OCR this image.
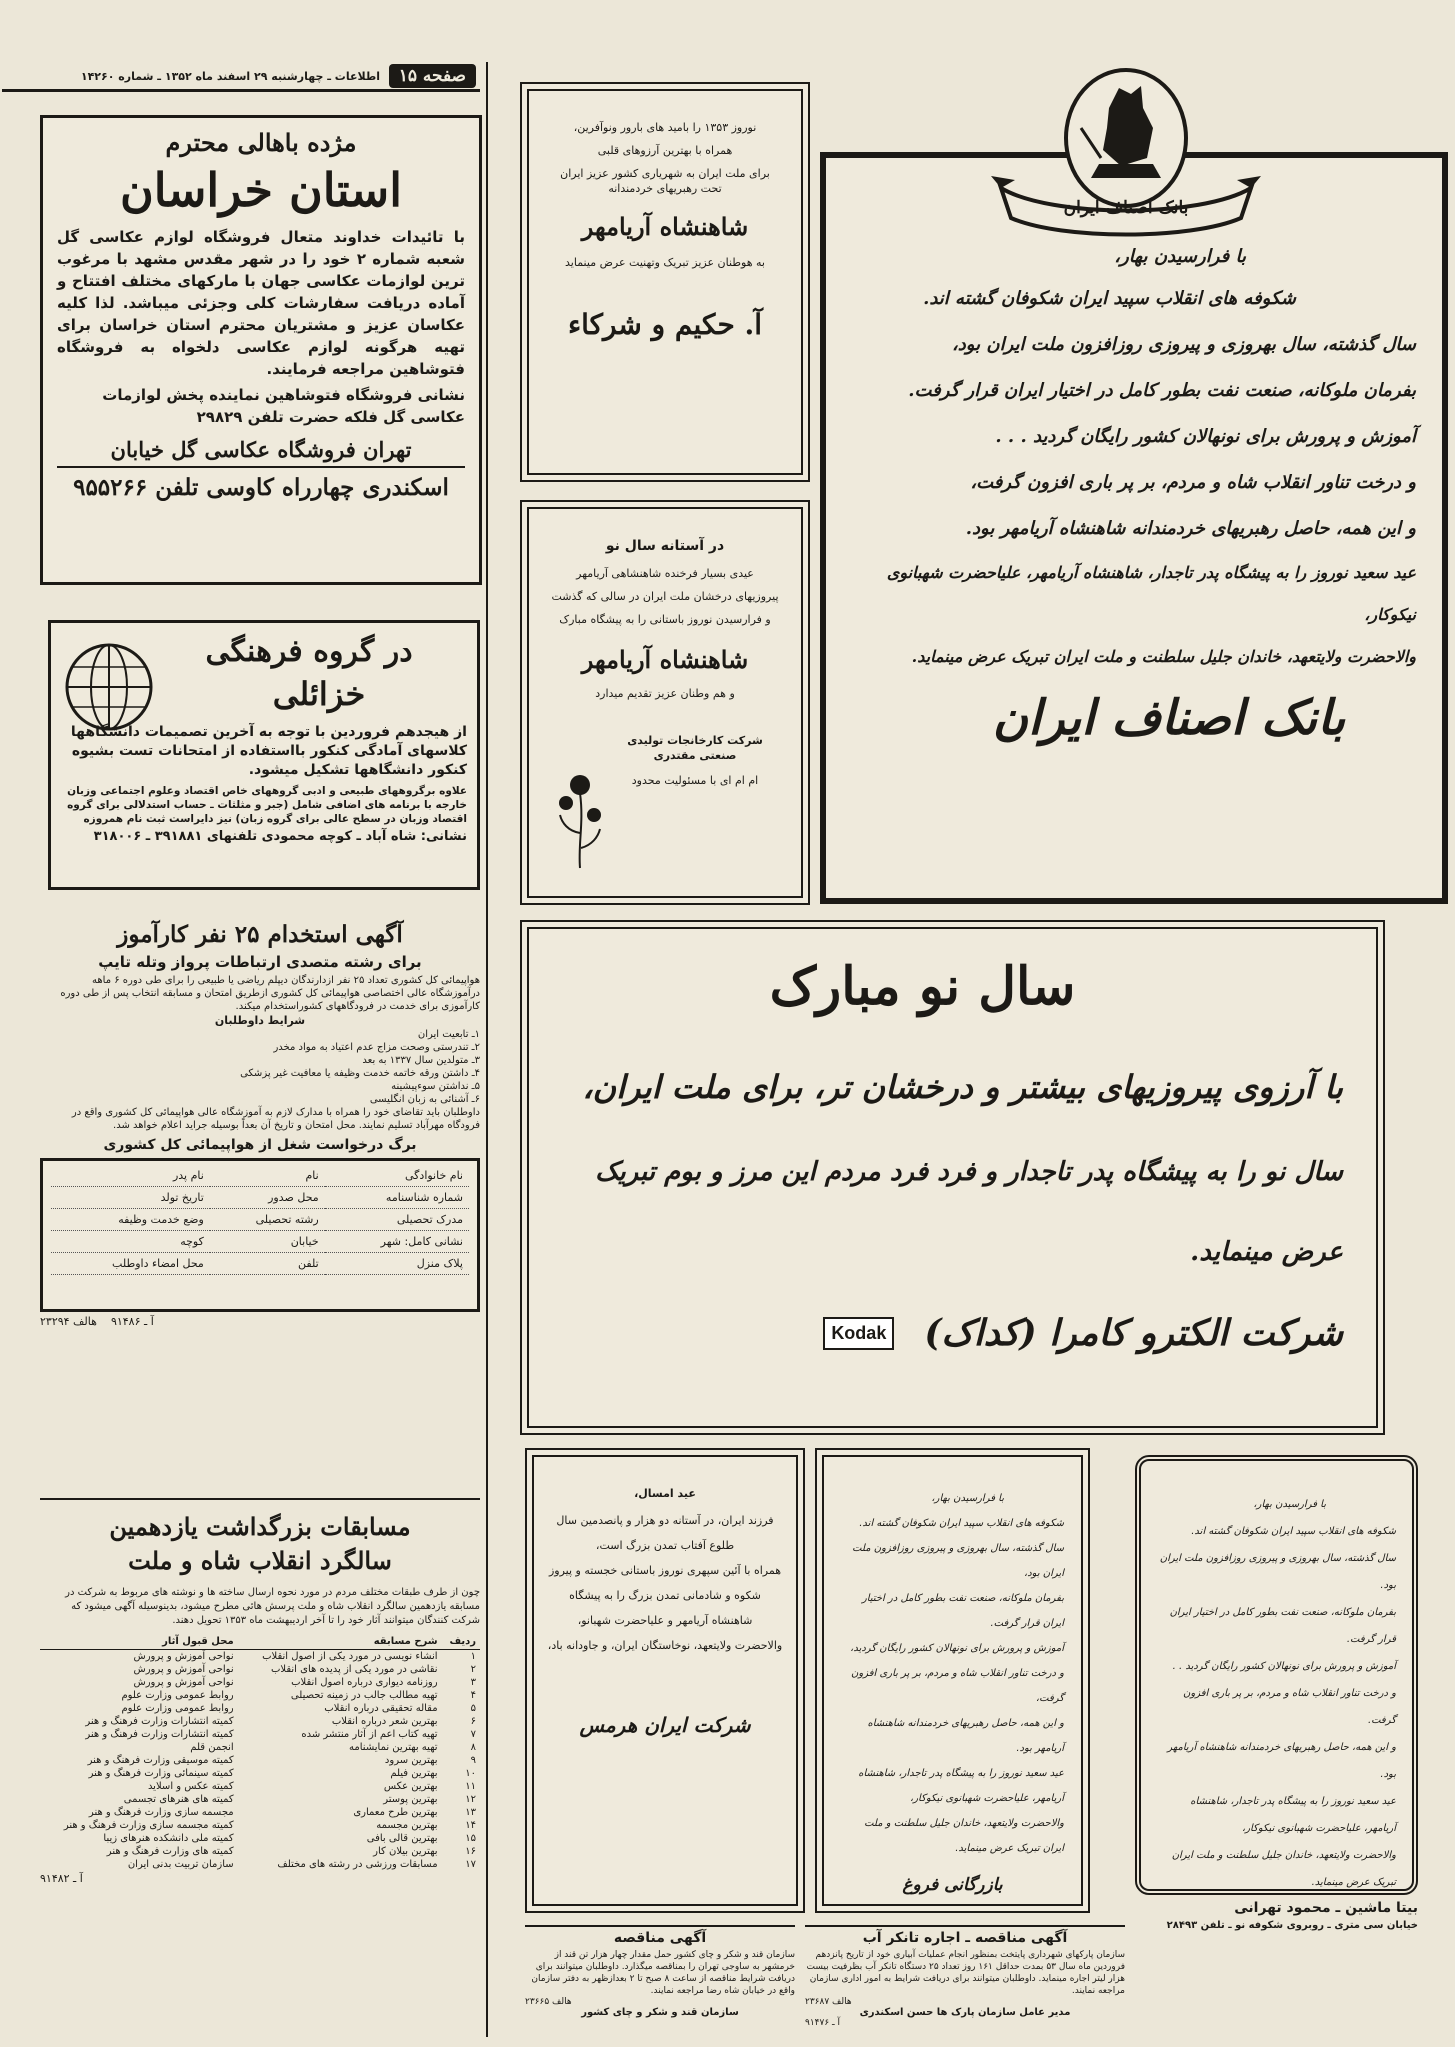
صفحه ۱۵
اطلاعات ـ چهارشنبه ۲۹ اسفند ماه ۱۳۵۲ ـ شماره ۱۴۲۶۰
مژده باهالی محترم
استان خراسان
با تائیدات خداوند متعال فروشگاه لوازم عکاسی گل شعبه شماره ۲ خود را در شهر مقدس مشهد با مرغوب ترین لوازمات عکاسی جهان با مارکهای مختلف افتتاح و آماده دریافت سفارشات کلی وجزئی میباشد. لذا کلیه عکاسان عزیز و مشتریان محترم استان خراسان برای تهیه هرگونه لوازم عکاسی دلخواه به فروشگاه فتوشاهین مراجعه فرمایند.
نشانی فروشگاه فتوشاهین نماینده پخش لوازمات عکاسی گل فلکه حضرت تلفن ۲۹۸۲۹
تهران فروشگاه عکاسی گل خیابان
اسکندری چهارراه کاوسی تلفن ۹۵۵۲۶۶
در گروه فرهنگی
خزائلی
از هیجدهم فروردین با توجه به آخرین تصمیمات دانشگاهها کلاسهای آمادگی کنکور بااستفاده از امتحانات تست بشیوه کنکور دانشگاهها تشکیل میشود.
علاوه برگروههای طبیعی و ادبی گروههای خاص اقتصاد وعلوم اجتماعی وزبان خارجه با برنامه های اضافی شامل (جبر و مثلثات ـ حساب استدلالی برای گروه اقتصاد وزبان در سطح عالی برای گروه زبان) نیز دایراست ثبت نام همروزه
نشانی: شاه آباد ـ کوچه محمودی تلفنهای ۳۹۱۸۸۱ ـ ۳۱۸۰۰۶
آگهی استخدام ۲۵ نفر کارآموز
برای رشته متصدی ارتباطات پرواز وتله تایپ
هواپیمائی کل کشوری تعداد ۲۵ نفر ازدارندگان دیپلم ریاضی یا طبیعی را برای طی دوره ۶ ماهه درآموزشگاه عالی اختصاصی هواپیمائی کل کشوری ازطریق امتحان و مسابقه انتخاب پس از طی دوره کارآموزی برای خدمت در فرودگاههای کشوراستخدام میکند.
شرایط داوطلبان
۱ـ تابعیت ایران
۲ـ تندرستی وصحت مزاج عدم اعتیاد به مواد مخدر
۳ـ متولدین سال ۱۳۳۷ به بعد
۴ـ داشتن ورقه خاتمه خدمت وظیفه یا معافیت غیر پزشکی
۵ـ نداشتن سوءپیشینه
۶ـ آشنائی به زبان انگلیسی
داوطلبان باید تقاضای خود را همراه با مدارک لازم به آموزشگاه عالی هواپیمائی کل کشوری واقع در فرودگاه مهرآباد تسلیم نمایند. محل امتحان و تاریخ آن بعداً بوسیله جراید اعلام خواهد شد.
برگ درخواست شغل از هواپیمائی کل کشوری
نام خانوادگی	نام	نام پدر
شماره شناسنامه	محل صدور	تاریخ تولد
مدرک تحصیلی	رشته تحصیلی	وضع خدمت وظیفه
نشانی کامل: شهر	خیابان	کوچه
پلاک منزل	تلفن	محل امضاء داوطلب
آ ـ ۹۱۴۸۶    هالف ۲۳۲۹۴
مسابقات بزرگداشت یازدهمین
سالگرد انقلاب شاه و ملت
چون از طرف طبقات مختلف مردم در مورد نحوه ارسال ساخته ها و نوشته های مربوط به شرکت در مسابقه یازدهمین سالگرد انقلاب شاه و ملت پرسش هائی مطرح میشود، بدینوسیله آگهی میشود که شرکت کنندگان میتوانند آثار خود را تا آخر اردیبهشت ماه ۱۳۵۳ تحویل دهند.
ردیف	شرح مسابقه	محل قبول آثار
۱	انشاء نویسی در مورد یکی از اصول انقلاب	نواحی آموزش و پرورش
۲	نقاشی در مورد یکی از پدیده های انقلاب	نواحی آموزش و پرورش
۳	روزنامه دیواری درباره اصول انقلاب	نواحی آموزش و پرورش
۴	تهیه مطالب جالب در زمینه تحصیلی	روابط عمومی وزارت علوم
۵	مقاله تحقیقی درباره انقلاب	روابط عمومی وزارت علوم
۶	بهترین شعر درباره انقلاب	کمیته انتشارات وزارت فرهنگ و هنر
۷	تهیه کتاب اعم از آثار منتشر شده	کمیته انتشارات وزارت فرهنگ و هنر
۸	تهیه بهترین نمایشنامه	انجمن قلم
۹	بهترین سرود	کمیته موسیقی وزارت فرهنگ و هنر
۱۰	بهترین فیلم	کمیته سینمائی وزارت فرهنگ و هنر
۱۱	بهترین عکس	کمیته عکس و اسلاید
۱۲	بهترین پوستر	کمیته های هنرهای تجسمی
۱۳	بهترین طرح معماری	مجسمه سازی وزارت فرهنگ و هنر
۱۴	بهترین مجسمه	کمیته مجسمه سازی وزارت فرهنگ و هنر
۱۵	بهترین قالی بافی	کمیته ملی دانشکده هنرهای زیبا
۱۶	بهترین بیلان کار	کمیته های وزارت فرهنگ و هنر
۱۷	مسابقات ورزشی در رشته های مختلف	سازمان تربیت بدنی ایران
آ ـ ۹۱۴۸۲
نوروز ۱۳۵۳ را بامید های بارور ونوآفرین،
همراه با بهترین آرزوهای قلبی
برای ملت ایران به شهریاری کشور عزیز ایران تحت رهبریهای خردمندانه
شاهنشاه آریامهر
به هوطنان عزیز تبریک وتهنیت عرض مینماید
آ. حکیم و شرکاء
در آستانه سال نو
عیدی بسیار فرخنده شاهنشاهی آریامهر
پیروزیهای درخشان ملت ایران در سالی که گذشت
و فرارسیدن نوروز باستانی را به پیشگاه مبارک
شاهنشاه آریامهر
و هم وطنان عزیز تقدیم میدارد
شرکت کارخانجات تولیدی صنعتی مقتدری
ام ام ای با مسئولیت محدود
بانک اصناف ایران
با فرارسیدن بهار،
شکوفه های انقلاب سپید ایران شکوفان گشته اند.
سال گذشته، سال بهروزی و پیروزی روزافزون ملت ایران بود،
بفرمان ملوکانه، صنعت نفت بطور کامل در اختیار ایران قرار گرفت.
آموزش و پرورش برای نونهالان کشور رایگان گردید . . .
و درخت تناور انقلاب شاه و مردم، بر پر باری افزون گرفت،
و این همه، حاصل رهبریهای خردمندانه شاهنشاه آریامهر بود.
عید سعید نوروز را به پیشگاه پدر تاجدار، شاهنشاه آریامهر، علیاحضرت شهبانوی نیکوکار،
والاحضرت ولایتعهد، خاندان جلیل سلطنت و ملت ایران تبریک عرض مینماید.
بانک اصناف ایران
سال نو مبارک
با آرزوی پیروزیهای بیشتر و درخشان تر، برای ملت ایران،
سال نو را به پیشگاه پدر تاجدار و فرد فرد مردم این مرز و بوم تبریک عرض مینماید.
شرکت الکترو کامرا (کداک)
Kodak
عید امسال،
فرزند ایران، در آستانه دو هزار و پانصدمین سال
طلوع آفتاب تمدن بزرگ است،
همراه با آئین سپهری نوروز باستانی خجسته و پیروز
شکوه و شادمانی تمدن بزرگ را به پیشگاه
شاهنشاه آریامهر و علیاحضرت شهبانو،
والاحضرت ولایتعهد، نوخاستگان ایران، و جاودانه باد،
شرکت ایران هرمس
با فرارسیدن بهار،
شکوفه های انقلاب سپید ایران شکوفان گشته اند.
سال گذشته، سال بهروزی و پیروزی روزافزون ملت ایران بود،
بفرمان ملوکانه، صنعت نفت بطور کامل در اختیار ایران قرار گرفت.
آموزش و پرورش برای نونهالان کشور رایگان گردید،
و درخت تناور انقلاب شاه و مردم، بر پر باری افزون گرفت،
و این همه، حاصل رهبریهای خردمندانه شاهنشاه آریامهر بود.
عید سعید نوروز را به پیشگاه پدر تاجدار، شاهنشاه آریامهر، علیاحضرت شهبانوی نیکوکار،
والاحضرت ولایتعهد، خاندان جلیل سلطنت و ملت ایران تبریک عرض مینماید.
بازرگانی فروغ
با فرارسیدن بهار،
شکوفه های انقلاب سپید ایران شکوفان گشته اند.
سال گذشته، سال بهروزی و پیروزی روزافزون ملت ایران بود.
بفرمان ملوکانه، صنعت نفت بطور کامل در اختیار ایران قرار گرفت.
آموزش و پرورش برای نونهالان کشور رایگان گردید . .
و درخت تناور انقلاب شاه و مردم، بر پر باری افزون گرفت.
و این همه، حاصل رهبریهای خردمندانه شاهنشاه آریامهر بود.
عید سعید نوروز را به پیشگاه پدر تاجدار، شاهنشاه آریامهر، علیاحضرت شهبانوی نیکوکار،
والاحضرت ولایتعهد، خاندان جلیل سلطنت و ملت ایران تبریک عرض مینماید.
بیتا ماشین ـ محمود تهرانی
خیابان سی متری ـ روبروی شکوفه نو ـ تلفن ۲۸۴۹۳
آگهی مناقصه
سازمان قند و شکر و چای کشور حمل مقدار چهار هزار تن قند از خرمشهر به ساوجی تهران را بمناقصه میگذارد. داوطلبان میتوانند برای دریافت شرایط مناقصه از ساعت ۸ صبح تا ۲ بعدازظهر به دفتر سازمان واقع در خیابان شاه رضا مراجعه نمایند.
هالف ۲۳۶۶۵
سازمان قند و شکر و چای کشور
آگهی مناقصه ـ اجاره تانکر آب
سازمان پارکهای شهرداری پایتخت بمنظور انجام عملیات آبیاری خود از تاریخ پانزدهم فروردین ماه سال ۵۳ بمدت حداقل ۱۶۱ روز تعداد ۲۵ دستگاه تانکر آب بظرفیت بیست هزار لیتر اجاره مینماید. داوطلبان میتوانند برای دریافت شرایط به امور اداری سازمان مراجعه نمایند.
هالف ۲۳۶۸۷
مدیر عامل سازمان پارک ها حسن اسکندری
آ ـ ۹۱۴۷۶
